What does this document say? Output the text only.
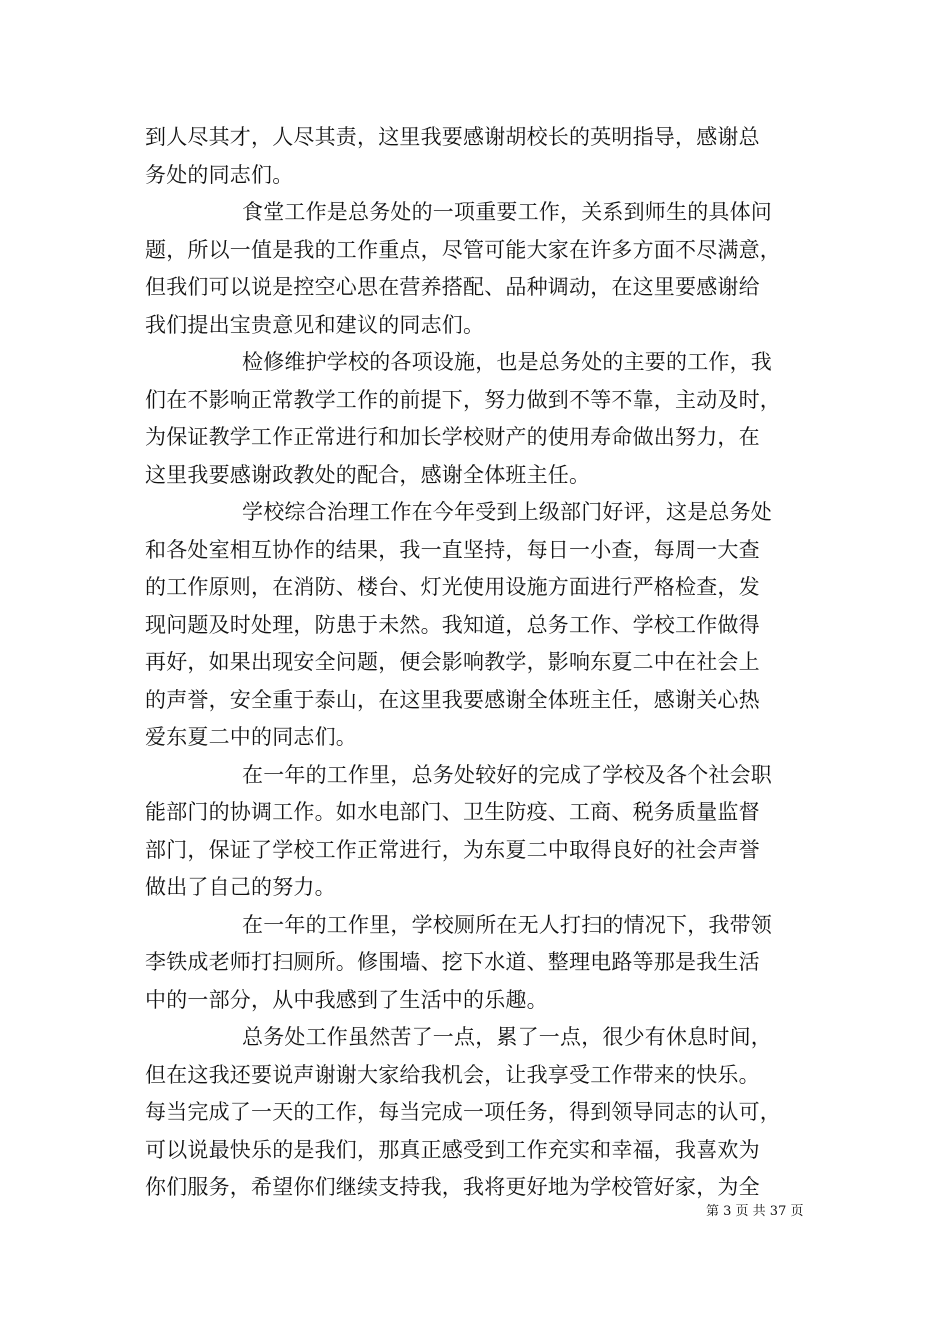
到人尽其才，人尽其责，这里我要感谢胡校长的英明指导，感谢总
务处的同志们。
食堂工作是总务处的一项重要工作，关系到师生的具体问
题，所以一值是我的工作重点，尽管可能大家在许多方面不尽满意，
但我们可以说是控空心思在营养搭配、品种调动，在这里要感谢给
我们提出宝贵意见和建议的同志们。
检修维护学校的各项设施，也是总务处的主要的工作，我
们在不影响正常教学工作的前提下，努力做到不等不靠，主动及时，
为保证教学工作正常进行和加长学校财产的使用寿命做出努力，在
这里我要感谢政教处的配合，感谢全体班主任。
学校综合治理工作在今年受到上级部门好评，这是总务处
和各处室相互协作的结果，我一直坚持，每日一小查，每周一大查
的工作原则，在消防、楼台、灯光使用设施方面进行严格检查，发
现问题及时处理，防患于未然。我知道，总务工作、学校工作做得
再好，如果出现安全问题，便会影响教学，影响东夏二中在社会上
的声誉，安全重于泰山，在这里我要感谢全体班主任，感谢关心热
爱东夏二中的同志们。
在一年的工作里，总务处较好的完成了学校及各个社会职
能部门的协调工作。如水电部门、卫生防疫、工商、税务质量监督
部门，保证了学校工作正常进行，为东夏二中取得良好的社会声誉
做出了自己的努力。
在一年的工作里，学校厕所在无人打扫的情况下，我带领
李铁成老师打扫厕所。修围墙、挖下水道、整理电路等那是我生活
中的一部分，从中我感到了生活中的乐趣。
总务处工作虽然苦了一点，累了一点，很少有休息时间，
但在这我还要说声谢谢大家给我机会，让我享受工作带来的快乐。
每当完成了一天的工作，每当完成一项任务，得到领导同志的认可，
可以说最快乐的是我们，那真正感受到工作充实和幸福，我喜欢为
你们服务，希望你们继续支持我，我将更好地为学校管好家，为全
第 3 页 共 37 页
